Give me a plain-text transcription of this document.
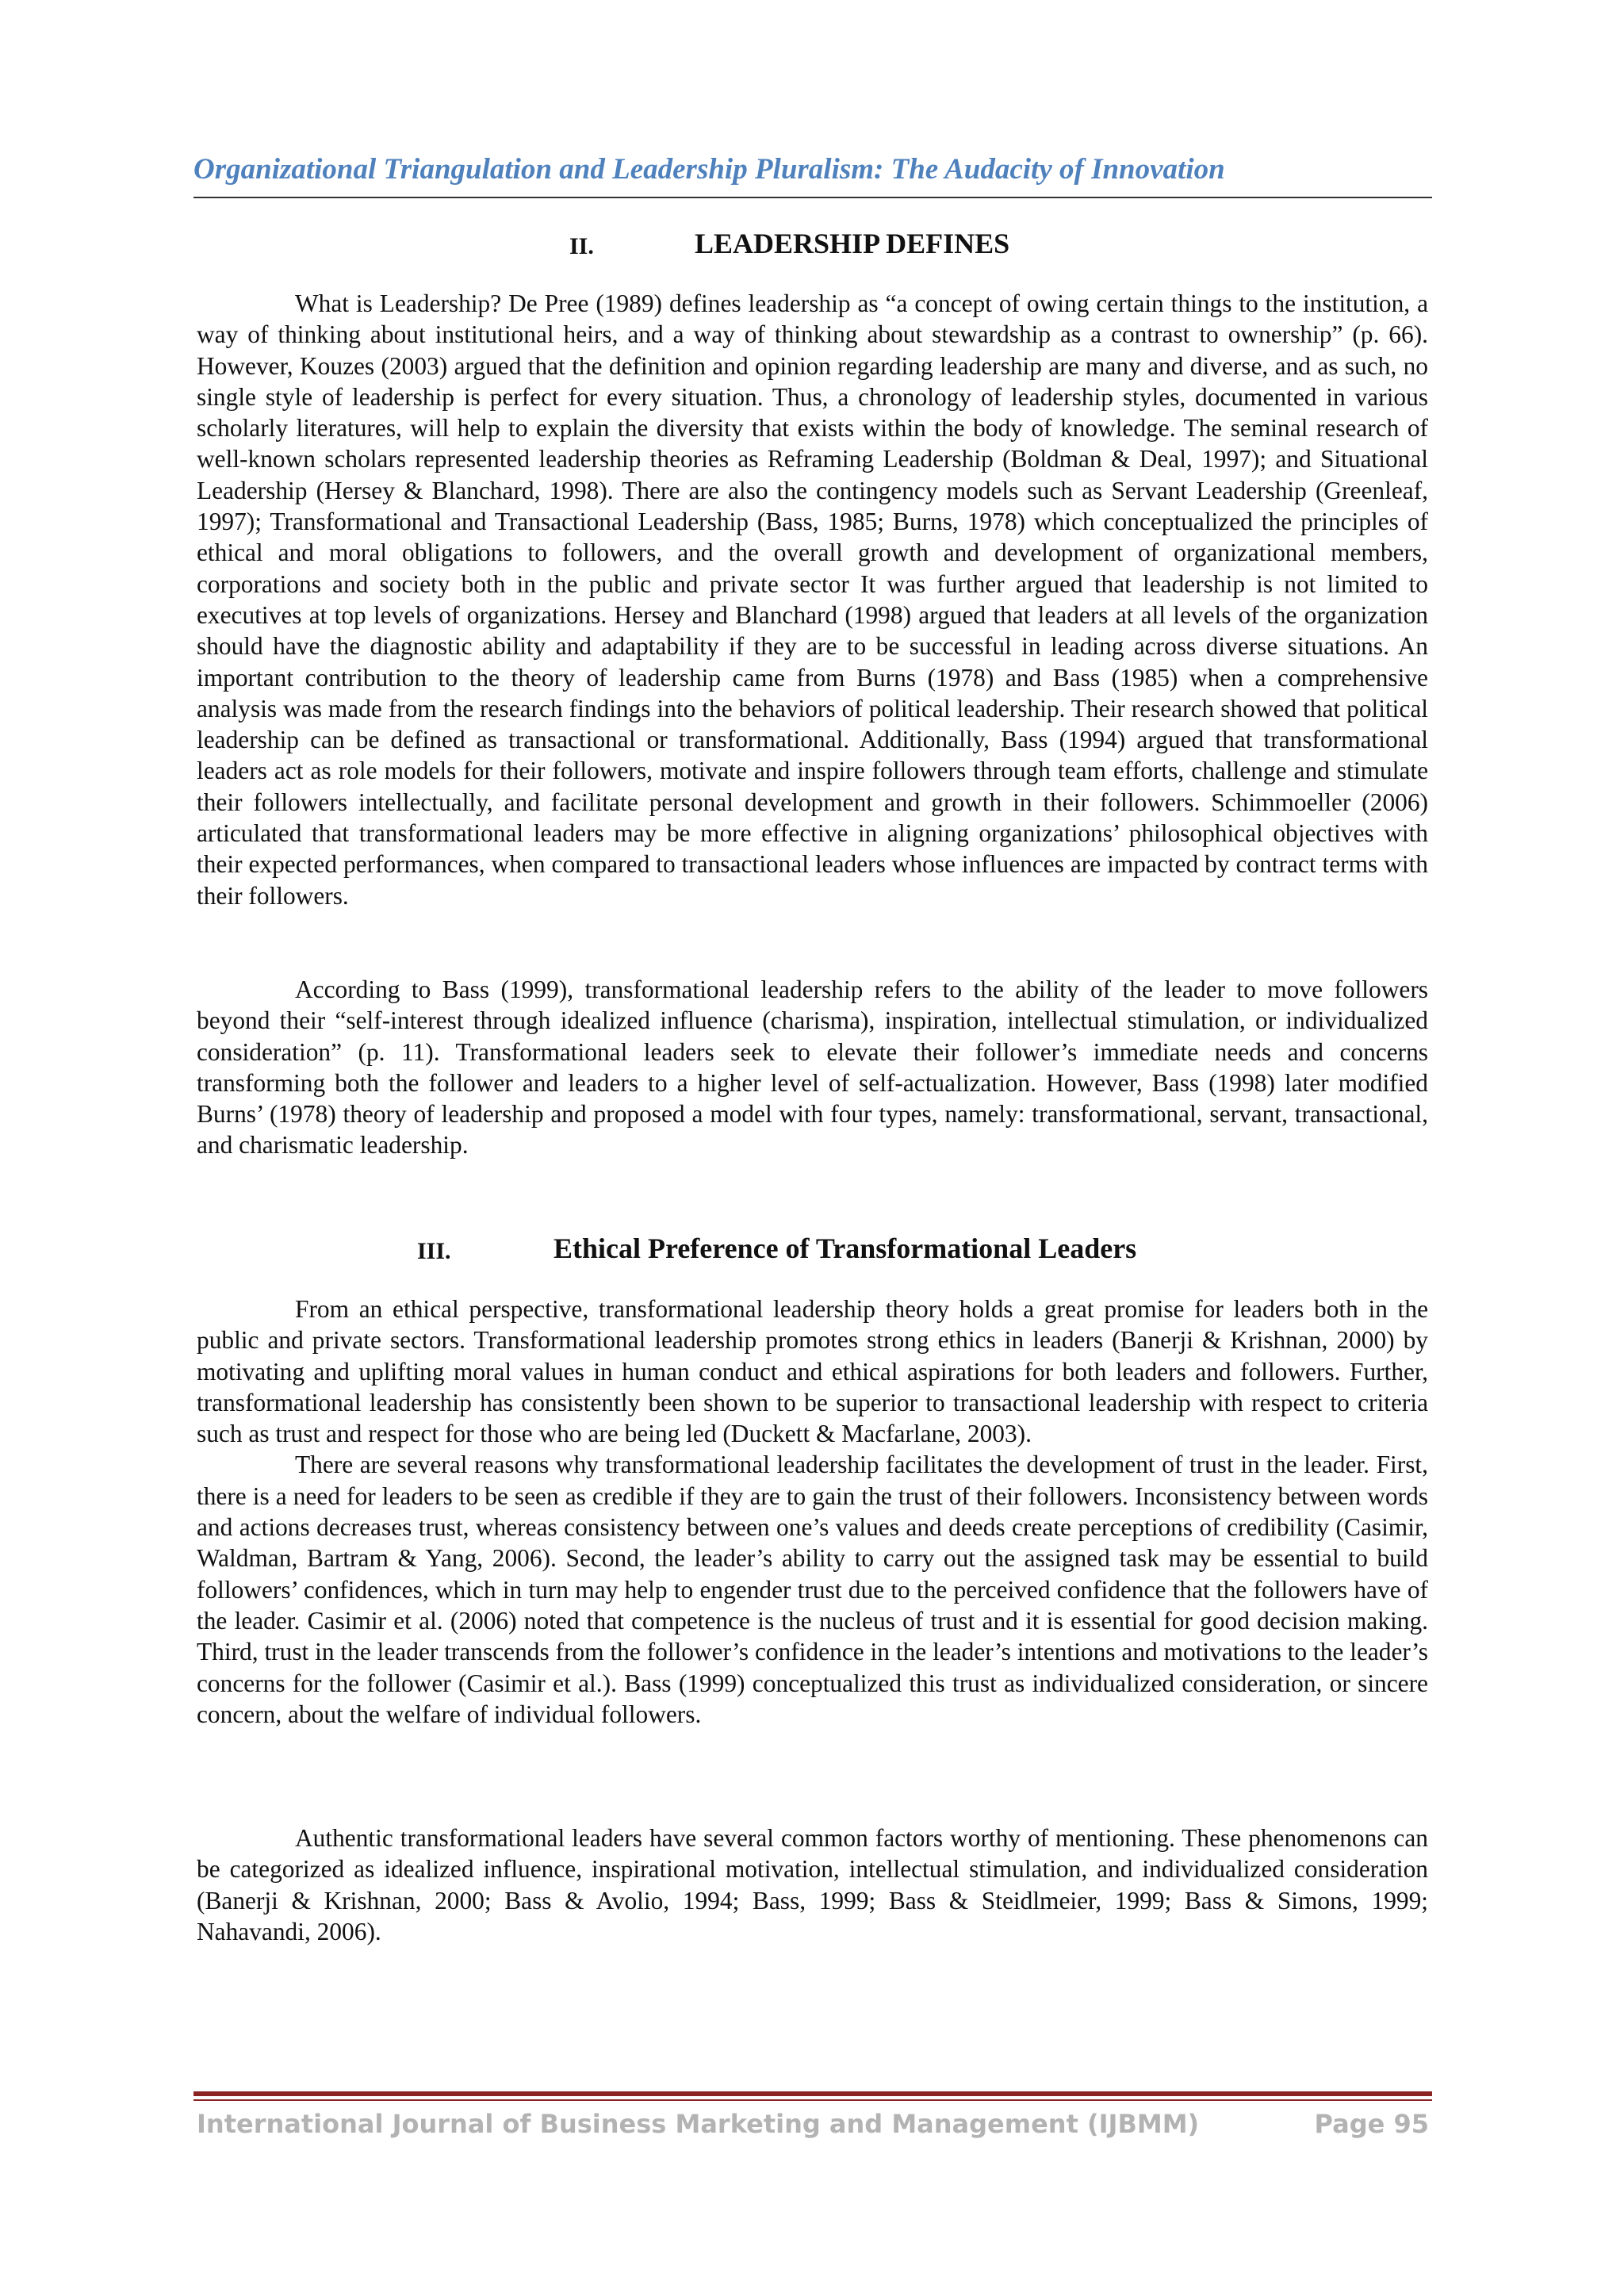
Organizational Triangulation and Leadership Pluralism: The Audacity of Innovation
II.	LEADERSHIP DEFINES

What is Leadership? De Pree (1989) defines leadership as “a concept of owing certain things to the institution, a way of thinking about institutional heirs, and a way of thinking about stewardship as a contrast to ownership” (p. 66). However, Kouzes (2003) argued that the definition and opinion regarding leadership are many and diverse, and as such, no single style of leadership is perfect for every situation. Thus, a chronology of leadership styles, documented in various scholarly literatures, will help to explain the diversity that exists within the body of knowledge. The seminal research of well-known scholars represented leadership theories as Reframing Leadership (Boldman & Deal, 1997); and Situational Leadership (Hersey & Blanchard, 1998). There are also the contingency models such as Servant Leadership (Greenleaf, 1997); Transformational and Transactional Leadership (Bass, 1985; Burns, 1978) which conceptualized the principles of ethical and moral obligations to followers, and the overall growth and development of organizational members, corporations and society both in the public and private sector It was further argued that leadership is not limited to executives at top levels of organizations. Hersey and Blanchard (1998) argued that leaders at all levels of the organization should have the diagnostic ability and adaptability if they are to be successful in leading across diverse situations. An important contribution to the theory of leadership came from Burns (1978) and Bass (1985) when a comprehensive analysis was made from the research findings into the behaviors of political leadership. Their research showed that political leadership can be defined as transactional or transformational. Additionally, Bass (1994) argued that transformational leaders act as role models for their followers, motivate and inspire followers through team efforts, challenge and stimulate their followers intellectually, and facilitate personal development and growth in their followers. Schimmoeller (2006) articulated that transformational leaders may be more effective in aligning organizations’ philosophical objectives with their expected performances, when compared to transactional leaders whose influences are impacted by contract terms with their followers.

According to Bass (1999), transformational leadership refers to the ability of the leader to move followers beyond their “self-interest through idealized influence (charisma), inspiration, intellectual stimulation, or individualized consideration” (p. 11). Transformational leaders seek to elevate their follower’s immediate needs and concerns transforming both the follower and leaders to a higher level of self-actualization. However, Bass (1998) later modified Burns’ (1978) theory of leadership and proposed a model with four types, namely: transformational, servant, transactional, and charismatic leadership.

III.	Ethical Preference of Transformational Leaders

From an ethical perspective, transformational leadership theory holds a great promise for leaders both in the public and private sectors. Transformational leadership promotes strong ethics in leaders (Banerji & Krishnan, 2000) by motivating and uplifting moral values in human conduct and ethical aspirations for both leaders and followers. Further, transformational leadership has consistently been shown to be superior to transactional leadership with respect to criteria such as trust and respect for those who are being led (Duckett & Macfarlane, 2003).

There are several reasons why transformational leadership facilitates the development of trust in the leader. First, there is a need for leaders to be seen as credible if they are to gain the trust of their followers. Inconsistency between words and actions decreases trust, whereas consistency between one’s values and deeds create perceptions of credibility (Casimir, Waldman, Bartram & Yang, 2006). Second, the leader’s ability to carry out the assigned task may be essential to build followers’ confidences, which in turn may help to engender trust due to the perceived confidence that the followers have of the leader. Casimir et al. (2006) noted that competence is the nucleus of trust and it is essential for good decision making. Third, trust in the leader transcends from the follower’s confidence in the leader’s intentions and motivations to the leader’s concerns for the follower (Casimir et al.). Bass (1999) conceptualized this trust as individualized consideration, or sincere concern, about the welfare of individual followers.

Authentic transformational leaders have several common factors worthy of mentioning. These phenomenons can be categorized as idealized influence, inspirational motivation, intellectual stimulation, and individualized consideration (Banerji & Krishnan, 2000; Bass & Avolio, 1994; Bass, 1999; Bass & Steidlmeier, 1999; Bass & Simons, 1999; Nahavandi, 2006).

International Journal of Business Marketing and Management (IJBMM)	Page 95
